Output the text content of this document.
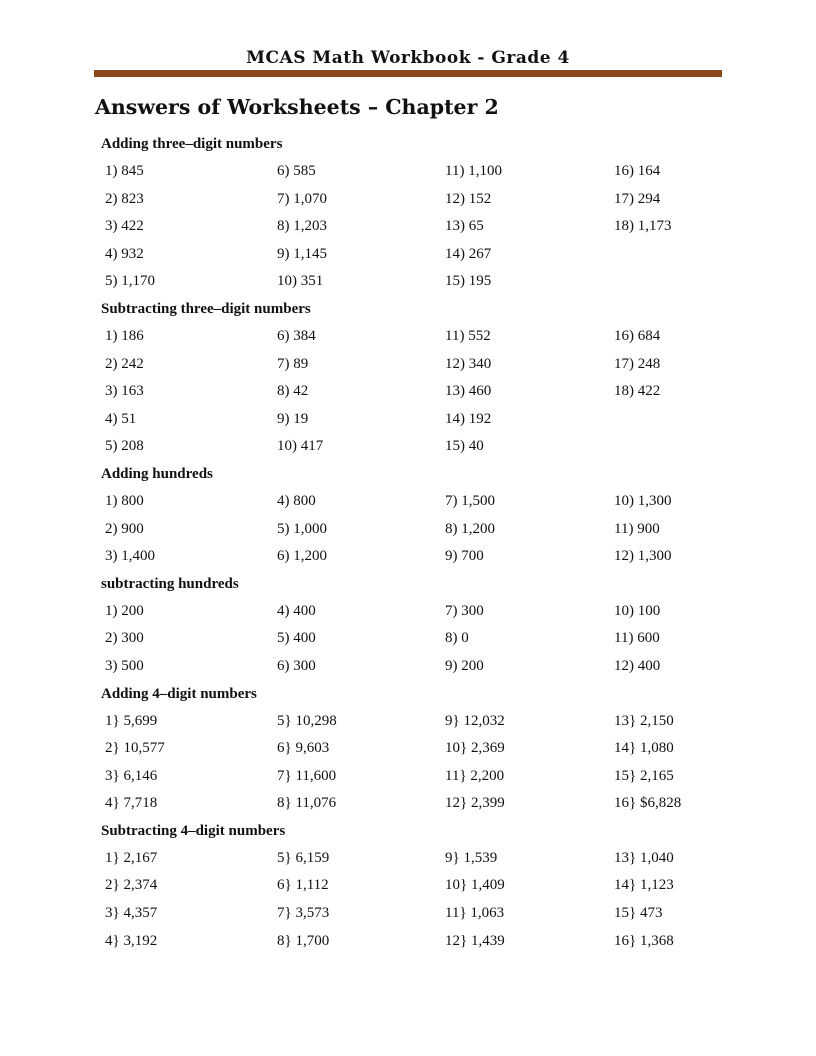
MCAS Math Workbook - Grade 4
Answers of Worksheets – Chapter 2
Adding three–digit numbers
1) 845	6) 585	11) 1,100	16) 164
2) 823	7) 1,070	12) 152	17) 294
3) 422	8) 1,203	13) 65	18) 1,173
4) 932	9) 1,145	14) 267
5) 1,170	10) 351	15) 195
Subtracting three–digit numbers
1) 186	6) 384	11) 552	16) 684
2) 242	7) 89	12) 340	17) 248
3) 163	8) 42	13) 460	18) 422
4) 51	9) 19	14) 192
5) 208	10) 417	15) 40
Adding hundreds
1) 800	4) 800	7) 1,500	10) 1,300
2) 900	5) 1,000	8) 1,200	11) 900
3) 1,400	6) 1,200	9) 700	12) 1,300
subtracting hundreds
1) 200	4) 400	7) 300	10) 100
2) 300	5) 400	8) 0	11) 600
3) 500	6) 300	9) 200	12) 400
Adding 4–digit numbers
1} 5,699	5} 10,298	9} 12,032	13} 2,150
2} 10,577	6} 9,603	10} 2,369	14} 1,080
3} 6,146	7} 11,600	11} 2,200	15} 2,165
4} 7,718	8} 11,076	12} 2,399	16} $6,828
Subtracting 4–digit numbers
1} 2,167	5} 6,159	9} 1,539	13} 1,040
2} 2,374	6} 1,112	10} 1,409	14} 1,123
3} 4,357	7} 3,573	11} 1,063	15} 473
4} 3,192	8} 1,700	12} 1,439	16} 1,368
